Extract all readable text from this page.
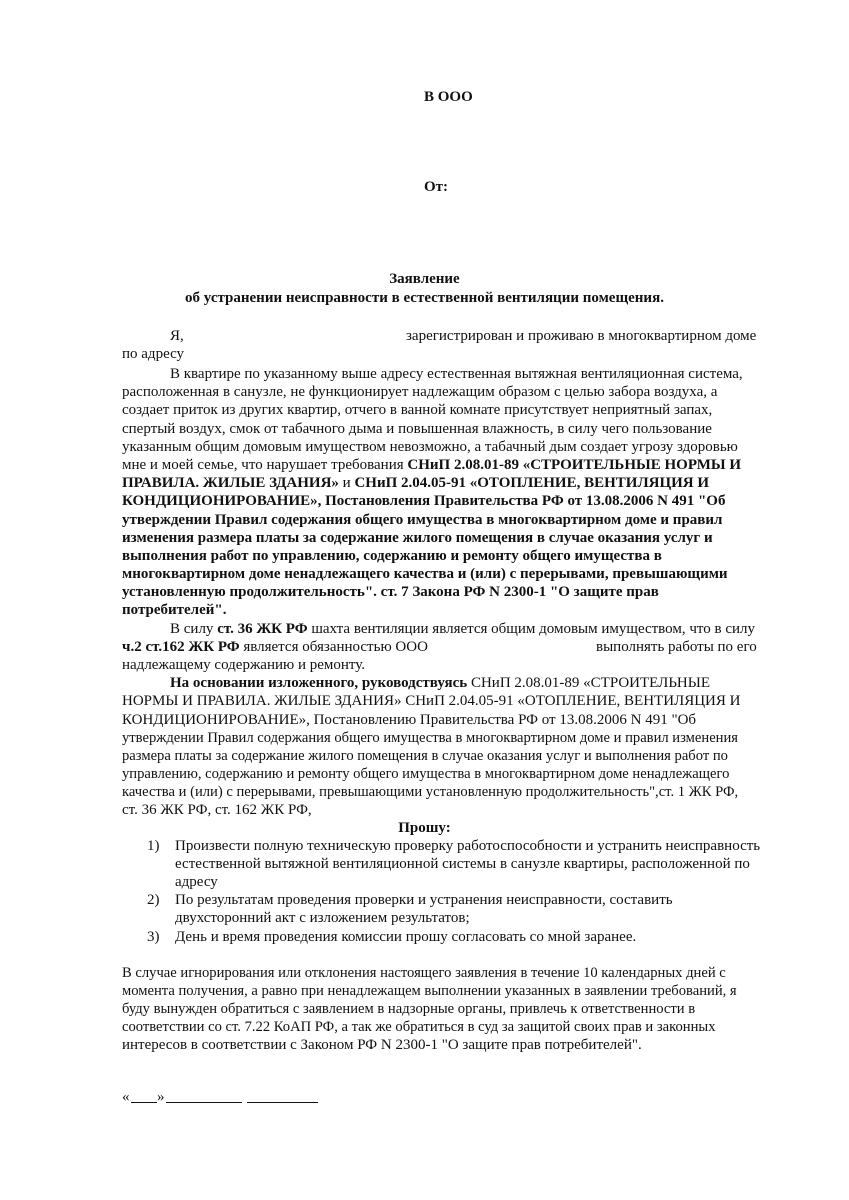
В ООО
От:
Заявление
об устранении неисправности в естественной вентиляции помещения.
Я,	зарегистрирован и проживаю в многоквартирном доме
по адресу
В квартире по указанному выше адресу естественная вытяжная вентиляционная система,
расположенная в санузле, не функционирует надлежащим образом с целью забора воздуха, а
создает приток из других квартир, отчего в ванной комнате присутствует неприятный запах,
спертый воздух, смок от табачного дыма и повышенная влажность, в силу чего пользование
указанным общим домовым имуществом невозможно, а табачный дым создает угрозу здоровью
мне и моей семье, что нарушает требования СНиП 2.08.01-89 «СТРОИТЕЛЬНЫЕ НОРМЫ И
ПРАВИЛА. ЖИЛЫЕ ЗДАНИЯ» и СНиП 2.04.05-91 «ОТОПЛЕНИЕ, ВЕНТИЛЯЦИЯ И
КОНДИЦИОНИРОВАНИЕ», Постановления Правительства РФ от 13.08.2006 N 491 "Об
утверждении Правил содержания общего имущества в многоквартирном доме и правил
изменения размера платы за содержание жилого помещения в случае оказания услуг и
выполнения работ по управлению, содержанию и ремонту общего имущества в
многоквартирном доме ненадлежащего качества и (или) с перерывами, превышающими
установленную продолжительность". ст. 7 Закона РФ N 2300-1 "О защите прав
потребителей".
В силу ст. 36 ЖК РФ шахта вентиляции является общим домовым имуществом, что в силу
ч.2 ст.162 ЖК РФ является обязанностью ООО	выполнять работы по его
надлежащему содержанию и ремонту.
На основании изложенного, руководствуясь СНиП 2.08.01-89 «СТРОИТЕЛЬНЫЕ
НОРМЫ И ПРАВИЛА. ЖИЛЫЕ ЗДАНИЯ» СНиП 2.04.05-91 «ОТОПЛЕНИЕ, ВЕНТИЛЯЦИЯ И
КОНДИЦИОНИРОВАНИЕ», Постановлению Правительства РФ от 13.08.2006 N 491 "Об
утверждении Правил содержания общего имущества в многоквартирном доме и правил изменения
размера платы за содержание жилого помещения в случае оказания услуг и выполнения работ по
управлению, содержанию и ремонту общего имущества в многоквартирном доме ненадлежащего
качества и (или) с перерывами, превышающими установленную продолжительность",ст. 1 ЖК РФ,
ст. 36 ЖК РФ, ст. 162 ЖК РФ,
Прошу:
1) Произвести полную техническую проверку работоспособности и устранить неисправность
естественной вытяжной вентиляционной системы в санузле квартиры, расположенной по
адресу
2) По результатам проведения проверки и устранения неисправности, составить
двухсторонний акт с изложением результатов;
3) День и время проведения комиссии прошу согласовать со мной заранее.
В случае игнорирования или отклонения настоящего заявления в течение 10 календарных дней с
момента получения, а равно при ненадлежащем выполнении указанных в заявлении требований, я
буду вынужден обратиться с заявлением в надзорные органы, привлечь к ответственности в
соответствии со ст. 7.22 КоАП РФ, а так же обратиться в суд за защитой своих прав и законных
интересов в соответствии с Законом РФ N 2300-1 "О защите прав потребителей".
« »
